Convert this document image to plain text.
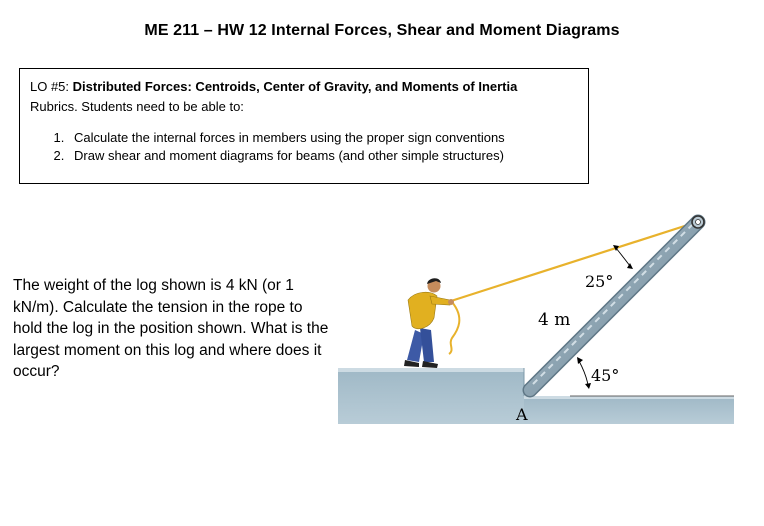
ME 211 – HW 12 Internal Forces, Shear and Moment Diagrams
LO #5: Distributed Forces: Centroids, Center of Gravity, and Moments of Inertia
Rubrics. Students need to be able to:
1. Calculate the internal forces in members using the proper sign conventions
2. Draw shear and moment diagrams for beams (and other simple structures)
The weight of the log shown is 4 kN (or 1 kN/m). Calculate the tension in the rope to hold the log in the position shown. What is the largest moment on this log and where does it occur?
25°
4 m
45°
A
